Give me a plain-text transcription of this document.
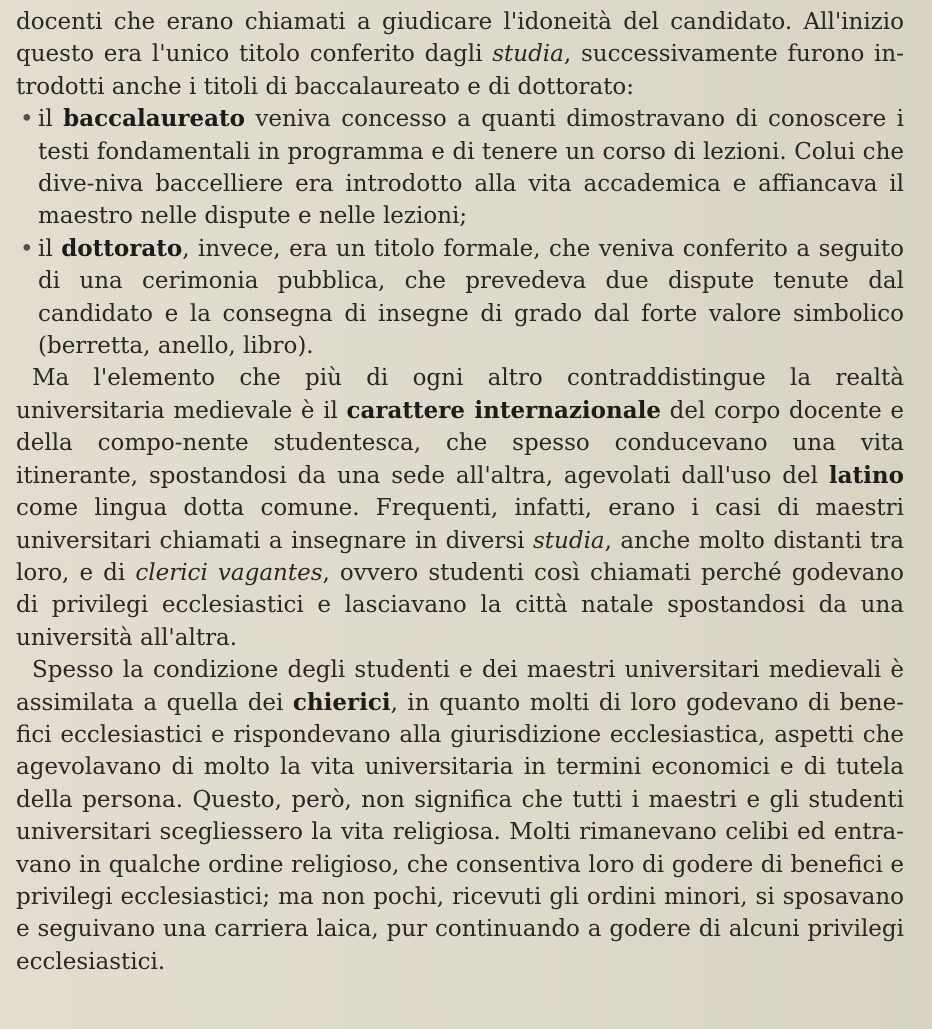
docenti che erano chiamati a giudicare l'idoneità del candidato. All'inizio questo era l'unico titolo conferito dagli studia, successivamente furono in-trodotti anche i titoli di baccalaureato e di dottorato:

• il baccalaureato veniva concesso a quanti dimostravano di conoscere i testi fondamentali in programma e di tenere un corso di lezioni. Colui che dive-niva baccelliere era introdotto alla vita accademica e affiancava il maestro nelle dispute e nelle lezioni;

• il dottorato, invece, era un titolo formale, che veniva conferito a seguito di una cerimonia pubblica, che prevedeva due dispute tenute dal candidato e la consegna di insegne di grado dal forte valore simbolico (berretta, anello, libro).

Ma l'elemento che più di ogni altro contraddistingue la realtà universitaria medievale è il carattere internazionale del corpo docente e della compo-nente studentesca, che spesso conducevano una vita itinerante, spostandosi da una sede all'altra, agevolati dall'uso del latino come lingua dotta comune. Frequenti, infatti, erano i casi di maestri universitari chiamati a insegnare in diversi studia, anche molto distanti tra loro, e di clerici vagantes, ovvero studenti così chiamati perché godevano di privilegi ecclesiastici e lasciavano la città natale spostandosi da una università all'altra.

Spesso la condizione degli studenti e dei maestri universitari medievali è assimilata a quella dei chierici, in quanto molti di loro godevano di bene-fici ecclesiastici e rispondevano alla giurisdizione ecclesiastica, aspetti che agevolavano di molto la vita universitaria in termini economici e di tutela della persona. Questo, però, non significa che tutti i maestri e gli studenti universitari scegliessero la vita religiosa. Molti rimanevano celibi ed entra-vano in qualche ordine religioso, che consentiva loro di godere di benefici e privilegi ecclesiastici; ma non pochi, ricevuti gli ordini minori, si sposavano e seguivano una carriera laica, pur continuando a godere di alcuni privilegi ecclesiastici.
